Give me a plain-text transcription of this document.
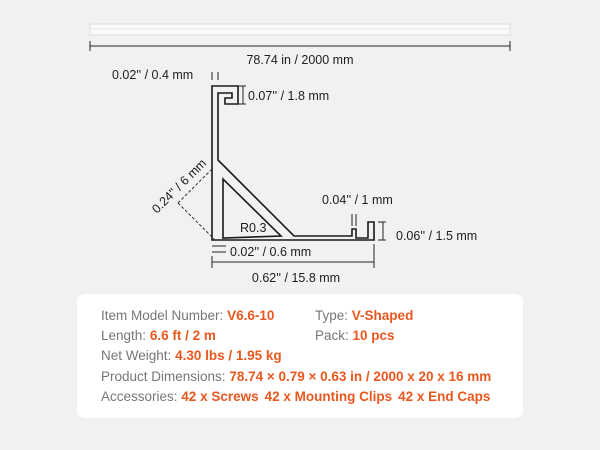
78.74 in / 2000 mm
0.02'' / 0.4 mm
0.07'' / 1.8 mm
0.24'' / 6 mm
R0.3
0.04'' / 1 mm
0.06'' / 1.5 mm
0.02'' / 0.6 mm
0.62'' / 15.8 mm
Item Model Number: V6.6-10	Type: V-Shaped
Length: 6.6 ft / 2 m	Pack: 10 pcs
Net Weight: 4.30 lbs / 1.95 kg
Product Dimensions: 78.74 × 0.79 × 0.63 in / 2000 x 20 x 16 mm
Accessories: 42 x Screws 42 x Mounting Clips 42 x End Caps
